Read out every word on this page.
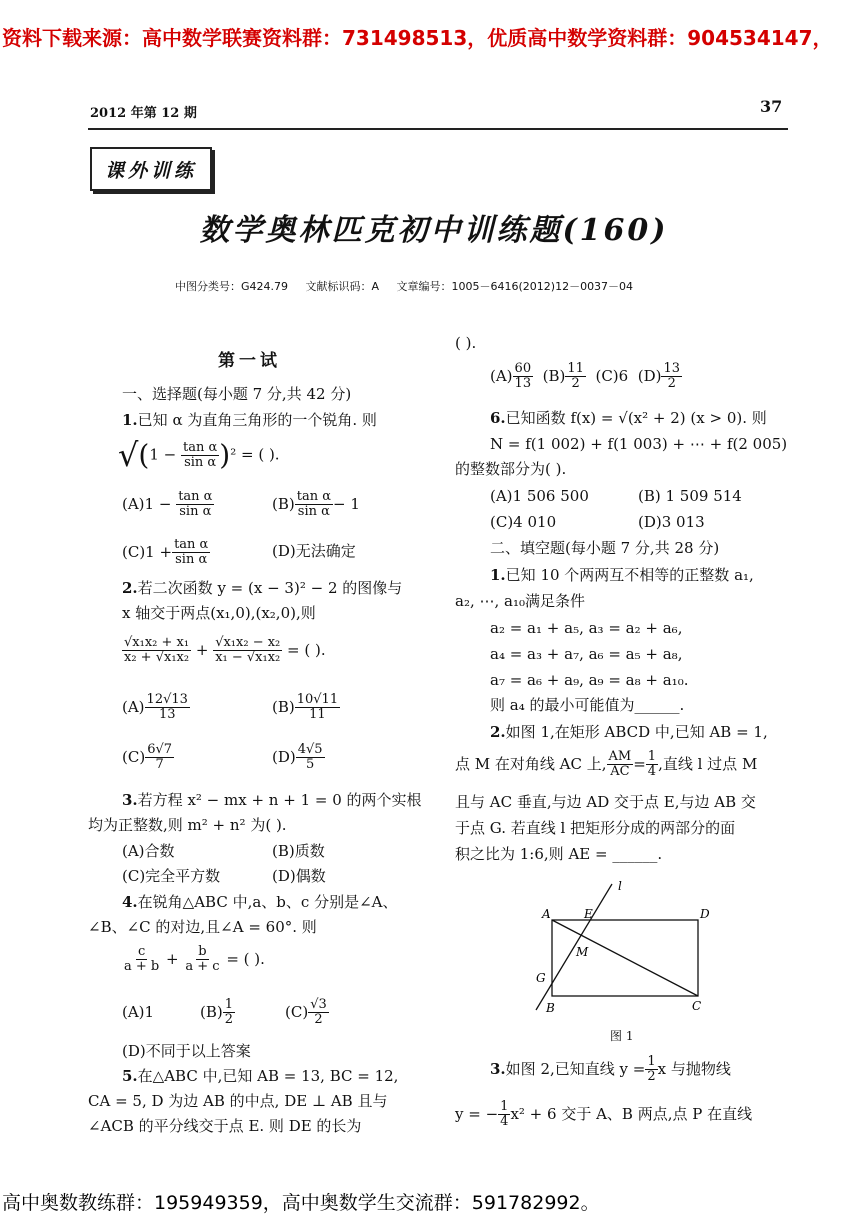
资料下载来源：高中数学联赛资料群：731498513，优质高中数学资料群：904534147，
2012 年第 12 期	37
课外训练
数学奥林匹克初中训练题(160)
中图分类号：G424.79     文献标识码：A     文章编号：1005－6416(2012)12－0037－04
第一试
一、选择题(每小题 7 分,共 42 分)
1.已知 α 为直角三角形的一个锐角. 则
$√(1 - \frac{\text{tan α}}{\text{sin α}} )^2$ = ( ).
$(A)1 - \frac{\text{tan α}}{\text{sin α}}$	$(B) \frac{\text{tan α}}{\text{sin α}} - 1$
$(C)1 + \frac{\text{tan α}}{\text{sin α}}$	(D)无法确定
2.若二次函数 y = (x − 3)² − 2 的图像与
x 轴交于两点(x₁,0),(x₂,0),则
$\frac{\text{√x₁x₂ + x₁}}{\text{x₂ + √x₁x₂}} + \frac{\text{√x₁x₂ − x₂}}{\text{x₁ − √x₁x₂}}$ = ( ).
$(A) \frac{12√13}{13}$	$(B) \frac{10√11}{11}$
$(C) \frac{6√7}{7}$	$(D) \frac{4√5}{5}$
3.若方程 x² − mx + n + 1 = 0 的两个实根
均为正整数,则 m² + n² 为( ).
(A)合数	(B)质数
(C)完全平方数	(D)偶数
4.在锐角△ABC 中,a、b、c 分别是∠A、
∠B、∠C 的对边,且∠A = 60°. 则
$\frac{c}{a + b} + \frac{b}{a + c}$ = ( ).
(A)1	$(B) \frac{1}{2}$	$(C) \frac{√3}{2}$
(D)不同于以上答案
5.在△ABC 中,已知 AB = 13, BC = 12,
CA = 5, D 为边 AB 的中点, DE ⊥ AB 且与
∠ACB 的平分线交于点 E. 则 DE 的长为
( ).
$(A) \frac{60}{13} (B) \frac{11}{2} (C)6$ $(D) \frac{13}{2}$
6.已知函数 f(x) = √(x² + 2) (x > 0). 则
N = f(1 002) + f(1 003) + ⋯ + f(2 005)
的整数部分为( ).
(A)1 506 500	(B) 1 509 514
(C)4 010	(D)3 013
二、填空题(每小题 7 分,共 28 分)
1.已知 10 个两两互不相等的正整数 a₁,
a₂, ⋯, a₁₀满足条件
a₂ = a₁ + a₅, a₃ = a₂ + a₆,
a₄ = a₃ + a₇, a₆ = a₅ + a₈,
a₇ = a₆ + a₉, a₉ = a₈ + a₁₀.
则 a₄ 的最小可能值为______.
2.如图 1,在矩形 ABCD 中,已知 AB = 1,
点 M 在对角线 AC 上, $\frac{AM}{AC} = \frac{1}{4}$ ,直线 l 过点 M
且与 AC 垂直,与边 AD 交于点 E,与边 AB 交
于点 G. 若直线 l 把矩形分成的两部分的面
积之比为 1:6,则 AE = ______.
A	E	D
M
G
B	C
l
图 1
3.如图 2,已知直线 $y = \frac{1}{2}$ x 与抛物线
y = − $\frac{1}{4} x^2 + 6$ 交于 A、B 两点,点 P 在直线
高中奥数教练群：195949359，高中奥数学生交流群：591782992。
